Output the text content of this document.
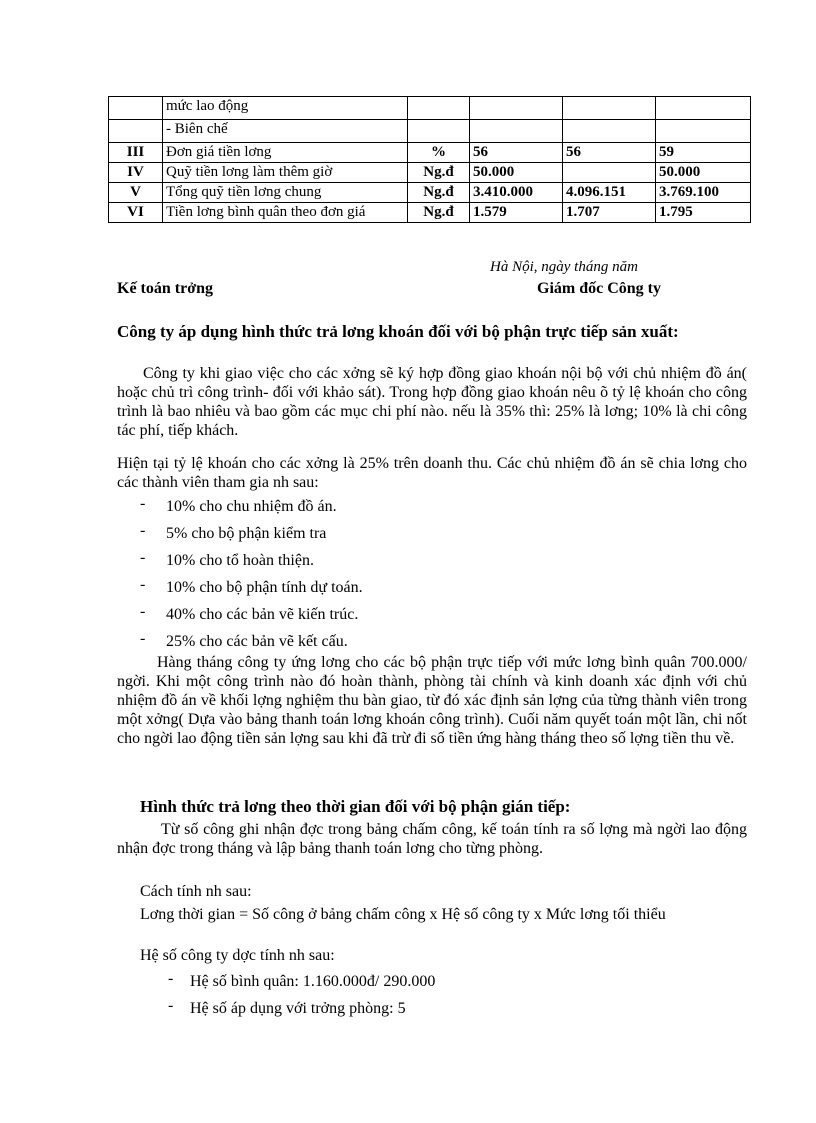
	mức lao động				
	- Biên chế				
III	Đơn giá tiền lơng	%	56	56	59
IV	Quỹ tiền lơng làm thêm giờ	Ng.đ	50.000		50.000
V	Tổng quỹ tiền lơng chung	Ng.đ	3.410.000	4.096.151	3.769.100
VI	Tiền lơng bình quân theo đơn giá	Ng.đ	1.579	1.707	1.795
Hà Nội, ngày tháng năm
Kế toán trởng	Giám đốc Công ty
Công ty áp dụng hình thức trả lơng khoán đối với bộ phận trực tiếp sản xuất:
Công ty khi giao việc cho các xởng sẽ ký hợp đồng giao khoán nội bộ với chủ nhiệm đồ án( hoặc chủ trì công trình- đối với khảo sát). Trong hợp đồng giao khoán nêu õ tỷ lệ khoán cho công trình là bao nhiêu và bao gồm các mục chi phí nào. nếu là 35% thì: 25% là lơng; 10% là chi công tác phí, tiếp khách.
Hiện tại tỷ lệ khoán cho các xởng là 25% trên doanh thu. Các chủ nhiệm đồ án sẽ chia lơng cho các thành viên tham gia nh sau:
- 10% cho chu nhiệm đồ án.
- 5% cho bộ phận kiểm tra
- 10% cho tổ hoàn thiện.
- 10% cho bộ phận tính dự toán.
- 40% cho các bản vẽ kiến trúc.
- 25% cho các bản vẽ kết cấu.
Hàng tháng công ty ứng lơng cho các bộ phận trực tiếp với mức lơng bình quân 700.000/ ngời. Khi một công trình nào đó hoàn thành, phòng tài chính và kinh doanh xác định với chủ nhiệm đồ án về khối lợng nghiệm thu bàn giao, từ đó xác định sản lợng của từng thành viên trong một xởng( Dựa vào bảng thanh toán lơng khoán công trình). Cuối năm quyết toán một lần, chi nốt cho ngời lao động tiền sản lợng sau khi đã trừ đi số tiền ứng hàng tháng theo số lợng tiền thu về.
Hình thức trả lơng theo thời gian đối với bộ phận gián tiếp:
Từ số công ghi nhận đợc trong bảng chấm công, kế toán tính ra số lợng mà ngời lao động nhận đợc trong tháng và lập bảng thanh toán lơng cho từng phòng.
Cách tính nh sau:
Lơng thời gian = Số công ở bảng chấm công x Hệ số công ty x Mức lơng tối thiểu
Hệ số công ty dợc tính nh sau:
- Hệ số bình quân: 1.160.000đ/ 290.000
- Hệ số áp dụng với trởng phòng: 5
